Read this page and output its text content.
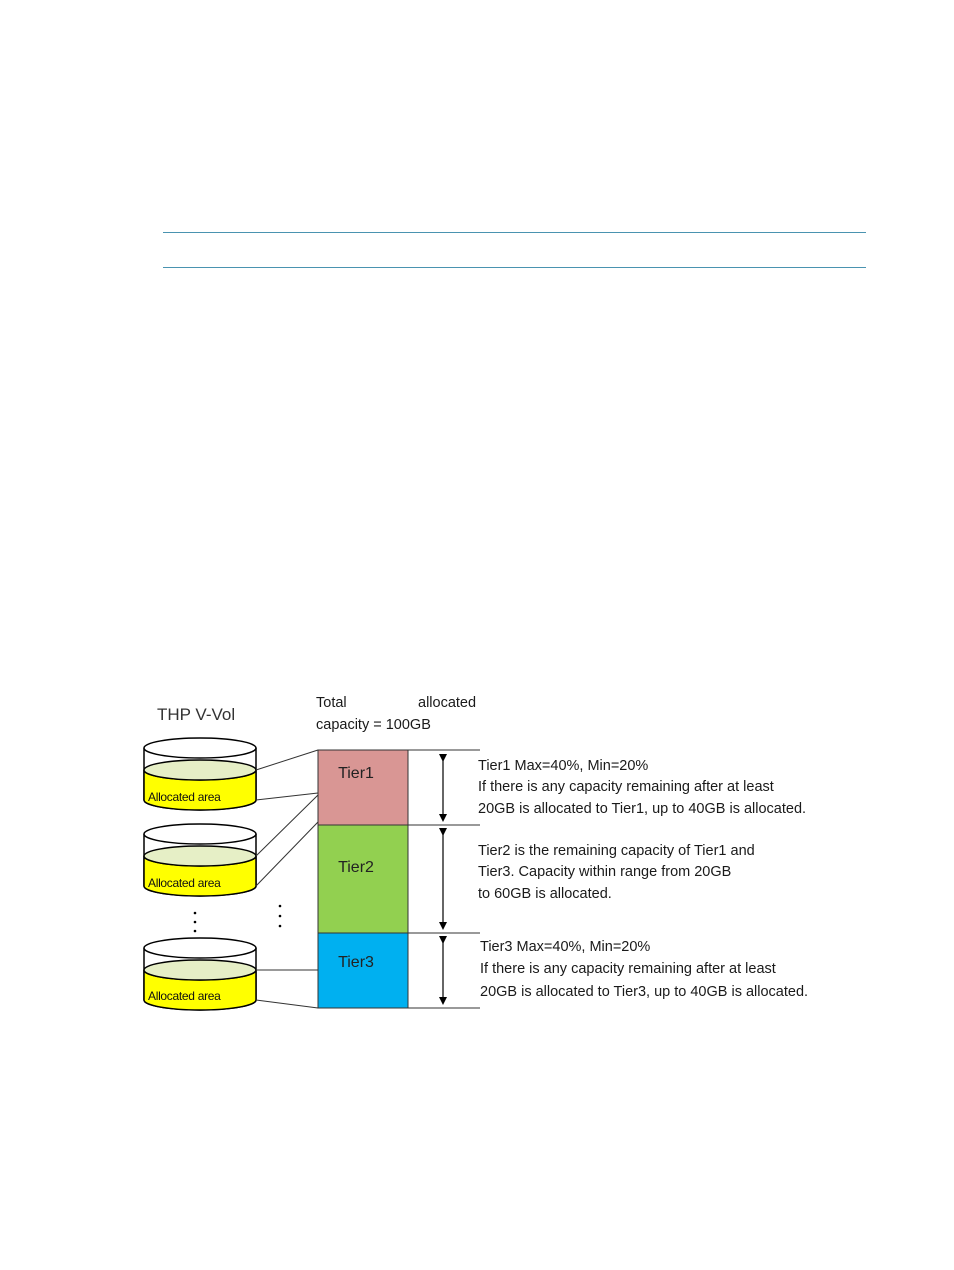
THP V-Vol
Total	allocated
capacity = 100GB
Allocated area
Allocated area
Allocated area
Tier1
Tier2
Tier3
Tier1 Max=40%, Min=20%
If there is any capacity remaining after at least
20GB is allocated to Tier1, up to 40GB is allocated.
Tier2 is the remaining capacity of Tier1 and
Tier3. Capacity within range from 20GB
to 60GB is allocated.
Tier3 Max=40%, Min=20%
If there is any capacity remaining after at least
20GB is allocated to Tier3, up to 40GB is allocated.
